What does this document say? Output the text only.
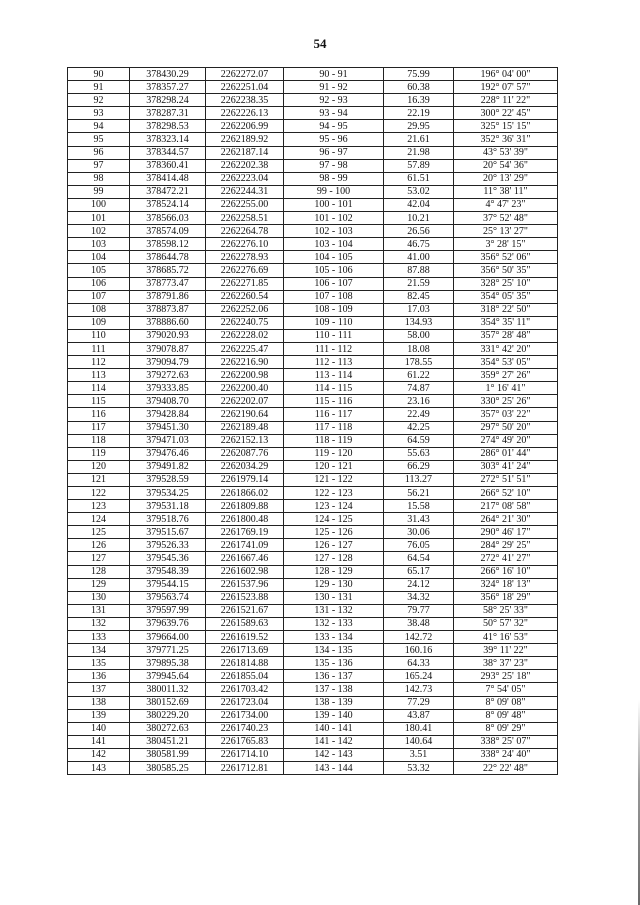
54
90	378430.29	2262272.07	90 - 91	75.99	196° 04' 00"
91	378357.27	2262251.04	91 - 92	60.38	192° 07' 57"
92	378298.24	2262238.35	92 - 93	16.39	228° 11' 22"
93	378287.31	2262226.13	93 - 94	22.19	300° 22' 45"
94	378298.53	2262206.99	94 - 95	29.95	325° 15' 15"
95	378323.14	2262189.92	95 - 96	21.61	352° 36' 31"
96	378344.57	2262187.14	96 - 97	21.98	43° 53' 39"
97	378360.41	2262202.38	97 - 98	57.89	20° 54' 36"
98	378414.48	2262223.04	98 - 99	61.51	20° 13' 29"
99	378472.21	2262244.31	99 - 100	53.02	11° 38' 11"
100	378524.14	2262255.00	100 - 101	42.04	4° 47' 23"
101	378566.03	2262258.51	101 - 102	10.21	37° 52' 48"
102	378574.09	2262264.78	102 - 103	26.56	25° 13' 27"
103	378598.12	2262276.10	103 - 104	46.75	3° 28' 15"
104	378644.78	2262278.93	104 - 105	41.00	356° 52' 06"
105	378685.72	2262276.69	105 - 106	87.88	356° 50' 35"
106	378773.47	2262271.85	106 - 107	21.59	328° 25' 10"
107	378791.86	2262260.54	107 - 108	82.45	354° 05' 35"
108	378873.87	2262252.06	108 - 109	17.03	318° 22' 50"
109	378886.60	2262240.75	109 - 110	134.93	354° 35' 11"
110	379020.93	2262228.02	110 - 111	58.00	357° 28' 48"
111	379078.87	2262225.47	111 - 112	18.08	331° 42' 20"
112	379094.79	2262216.90	112 - 113	178.55	354° 53' 05"
113	379272.63	2262200.98	113 - 114	61.22	359° 27' 26"
114	379333.85	2262200.40	114 - 115	74.87	1° 16' 41"
115	379408.70	2262202.07	115 - 116	23.16	330° 25' 26"
116	379428.84	2262190.64	116 - 117	22.49	357° 03' 22"
117	379451.30	2262189.48	117 - 118	42.25	297° 50' 20"
118	379471.03	2262152.13	118 - 119	64.59	274° 49' 20"
119	379476.46	2262087.76	119 - 120	55.63	286° 01' 44"
120	379491.82	2262034.29	120 - 121	66.29	303° 41' 24"
121	379528.59	2261979.14	121 - 122	113.27	272° 51' 51"
122	379534.25	2261866.02	122 - 123	56.21	266° 52' 10"
123	379531.18	2261809.88	123 - 124	15.58	217° 08' 58"
124	379518.76	2261800.48	124 - 125	31.43	264° 21' 30"
125	379515.67	2261769.19	125 - 126	30.06	290° 46' 17"
126	379526.33	2261741.09	126 - 127	76.05	284° 29' 25"
127	379545.36	2261667.46	127 - 128	64.54	272° 41' 27"
128	379548.39	2261602.98	128 - 129	65.17	266° 16' 10"
129	379544.15	2261537.96	129 - 130	24.12	324° 18' 13"
130	379563.74	2261523.88	130 - 131	34.32	356° 18' 29"
131	379597.99	2261521.67	131 - 132	79.77	58° 25' 33"
132	379639.76	2261589.63	132 - 133	38.48	50° 57' 32"
133	379664.00	2261619.52	133 - 134	142.72	41° 16' 53"
134	379771.25	2261713.69	134 - 135	160.16	39° 11' 22"
135	379895.38	2261814.88	135 - 136	64.33	38° 37' 23"
136	379945.64	2261855.04	136 - 137	165.24	293° 25' 18"
137	380011.32	2261703.42	137 - 138	142.73	7° 54' 05"
138	380152.69	2261723.04	138 - 139	77.29	8° 09' 08"
139	380229.20	2261734.00	139 - 140	43.87	8° 09' 48"
140	380272.63	2261740.23	140 - 141	180.41	8° 09' 29"
141	380451.21	2261765.83	141 - 142	140.64	338° 25' 07"
142	380581.99	2261714.10	142 - 143	3.51	338° 24' 40"
143	380585.25	2261712.81	143 - 144	53.32	22° 22' 48"
